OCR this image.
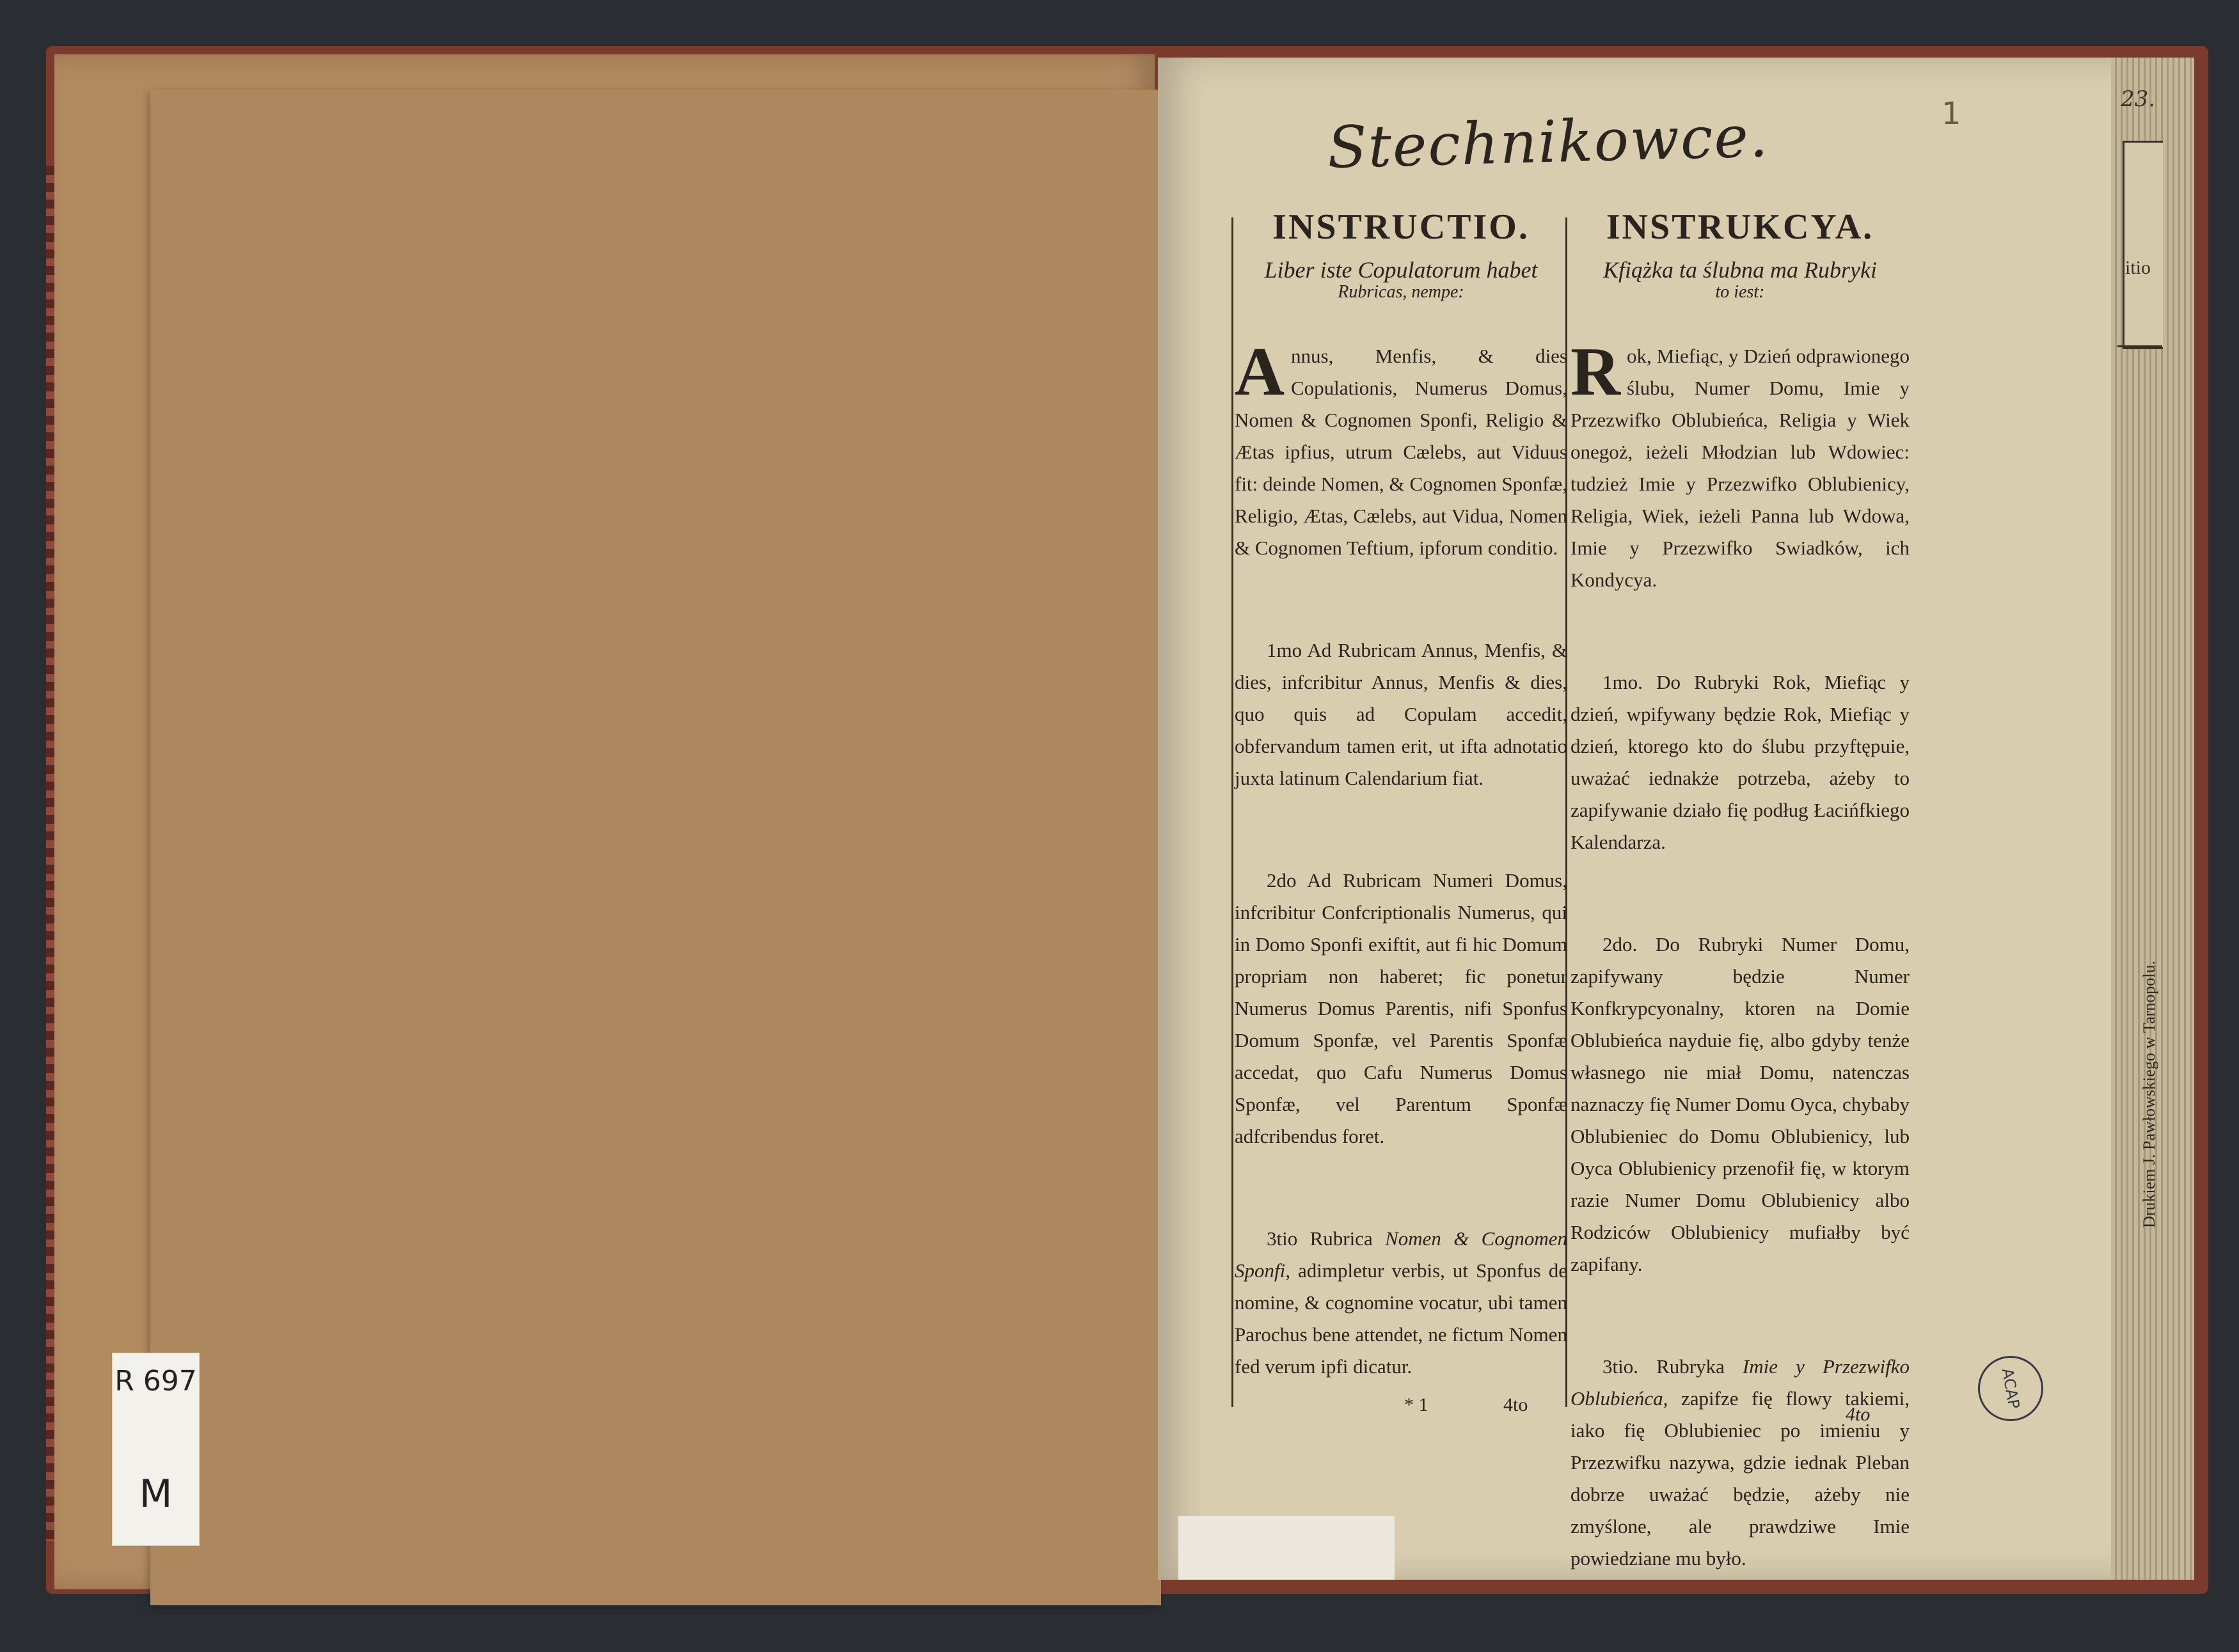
R 697
M
itio
23.
1
Stechnikowce.

INSTRUCTIO.

Liber iste Copulatorum habet

Rubricas, nempe:

Annus, Menfis, & dies Copulationis, Numerus Domus, Nomen & Cognomen Sponfi, Religio & Ætas ipfius, utrum Cælebs, aut Viduus fit: deinde Nomen, & Cognomen Sponfæ, Religio, Ætas, Cælebs, aut Vidua, Nomen & Cognomen Teftium, ipforum conditio.

1mo Ad Rubricam Annus, Menfis, & dies, infcribitur Annus, Menfis & dies, quo quis ad Copulam accedit, obfervandum tamen erit, ut ifta adnotatio juxta latinum Calendarium fiat.

2do Ad Rubricam Numeri Domus, infcribitur Confcriptionalis Numerus, qui in Domo Sponfi exiftit, aut fi hic Domum propriam non haberet; fic ponetur Numerus Domus Parentis, nifi Sponfus Domum Sponfæ, vel Parentis Sponfæ accedat, quo Cafu Numerus Domus Sponfæ, vel Parentum Sponfæ adfcribendus foret.

3tio Rubrica Nomen & Cognomen Sponfi, adimpletur verbis, ut Sponfus de nomine, & cognomine vocatur, ubi tamen Parochus bene attendet, ne fictum Nomen fed verum ipfi dicatur.

INSTRUKCYA.

Kfiążka ta ślubna ma Rubryki

to iest:

Rok, Miefiąc, y Dzień odprawionego ślubu, Numer Domu, Imie y Przezwifko Oblubieńca, Religia y Wiek onegoż, ieżeli Młodzian lub Wdowiec: tudzież Imie y Przezwifko Oblubienicy, Religia, Wiek, ieżeli Panna lub Wdowa, Imie y Przezwifko Swiadków, ich Kondycya.

1mo. Do Rubryki Rok, Miefiąc y dzień, wpifywany będzie Rok, Miefiąc y dzień, ktorego kto do ślubu przyftępuie, uważać iednakże potrzeba, ażeby to zapifywanie działo fię podług Łacińfkiego Kalendarza.

2do. Do Rubryki Numer Domu, zapifywany będzie Numer Konfkrypcyonalny, ktoren na Domie Oblubieńca nayduie fię, albo gdyby tenże własnego nie miał Domu, natenczas naznaczy fię Numer Domu Oyca, chybaby Oblubieniec do Domu Oblubienicy, lub Oyca Oblubienicy przenofił fię, w ktorym razie Numer Domu Oblubienicy albo Rodziców Oblubienicy mufiałby być zapifany.

3tio. Rubryka Imie y Przezwifko Oblubieńca, zapifze fię flowy takiemi, iako fię Oblubieniec po imieniu y Przezwifku nazywa, gdzie iednak Pleban dobrze uważać będzie, ażeby nie zmyślone, ale prawdziwe Imie powiedziane mu było.

* 1	4to	4to
ACAP
Drukiem J. Pawłowskiego w Tarnopolu.
